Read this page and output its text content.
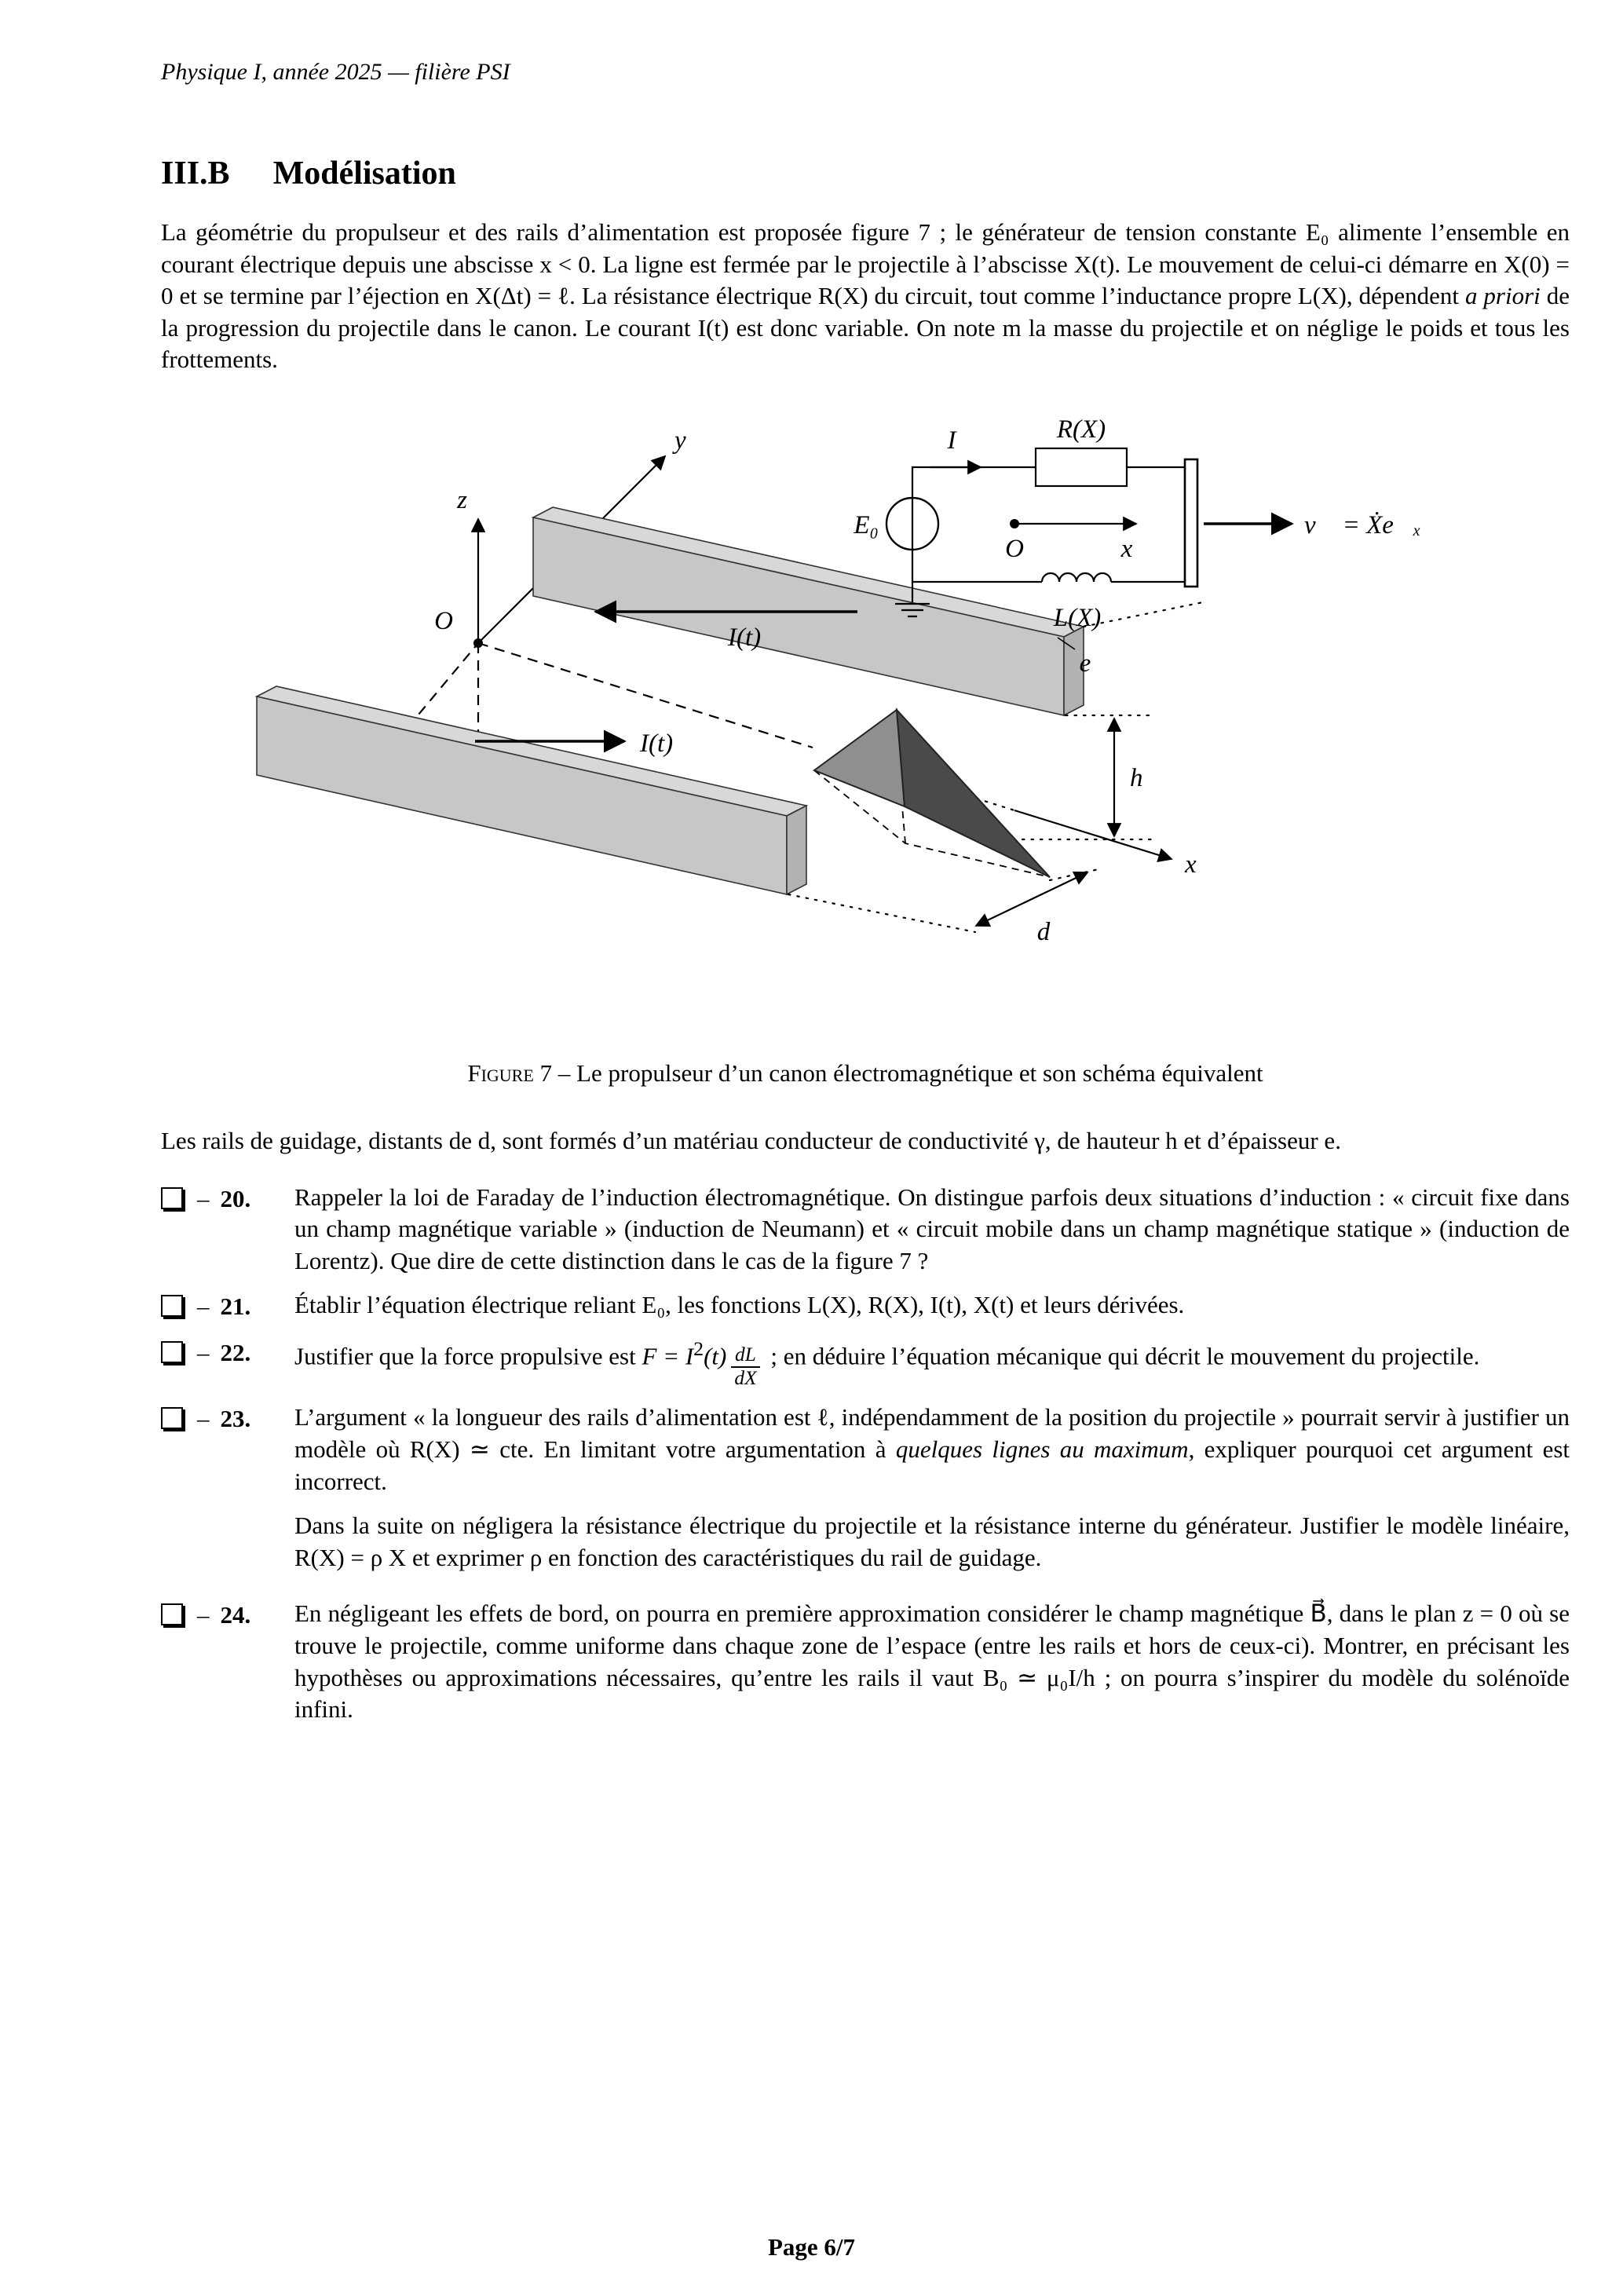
Physique I, année 2025 — filière PSI
III.B Modélisation

La géométrie du propulseur et des rails d’alimentation est proposée figure 7 ; le générateur de tension constante E₀ alimente l’ensemble en courant électrique depuis une abscisse x < 0. La ligne est fermée par le projectile à l’abscisse X(t). Le mouvement de celui-ci démarre en X(0) = 0 et se termine par l’éjection en X(Δt) = ℓ. La résistance électrique R(X) du circuit, tout comme l’inductance propre L(X), dépendent a priori de la progression du projectile dans le canon. Le courant I(t) est donc variable. On note m la masse du projectile et on néglige le poids et tous les frottements.

y
z
O
x
I(t)
I(t)
e
h
d
R(X)
I
E₀
O	x
L(X)
v⃗ = Ẋe⃗ₓ
Figure 7 – Le propulseur d’un canon électromagnétique et son schéma équivalent

Les rails de guidage, distants de d, sont formés d’un matériau conducteur de conductivité γ, de hauteur h et d’épaisseur e.

– 20. Rappeler la loi de Faraday de l’induction électromagnétique. On distingue parfois deux situations d’induction : « circuit fixe dans un champ magnétique variable » (induction de Neumann) et « circuit mobile dans un champ magnétique statique » (induction de Lorentz). Que dire de cette distinction dans le cas de la figure 7 ?
– 21. Établir l’équation électrique reliant E₀, les fonctions L(X), R(X), I(t), X(t) et leurs dérivées.
– 22. Justifier que la force propulsive est $F = I^2(t) \frac{dL}{dX}$ ; en déduire l’équation mécanique qui décrit le mouvement du projectile.
– 23. L’argument « la longueur des rails d’alimentation est ℓ, indépendamment de la position du projectile » pourrait servir à justifier un modèle où R(X) ≃ cte. En limitant votre argumentation à quelques lignes au maximum, expliquer pourquoi cet argument est incorrect.

Dans la suite on négligera la résistance électrique du projectile et la résistance interne du générateur. Justifier le modèle linéaire, R(X) = ρ X et exprimer ρ en fonction des caractéristiques du rail de guidage.

– 24. En négligeant les effets de bord, on pourra en première approximation considérer le champ magnétique B⃗, dans le plan z = 0 où se trouve le projectile, comme uniforme dans chaque zone de l’espace (entre les rails et hors de ceux-ci). Montrer, en précisant les hypothèses ou approximations nécessaires, qu’entre les rails il vaut B₀ ≃ μ₀I/h ; on pourra s’inspirer du modèle du solénoïde infini.
Page 6/7
